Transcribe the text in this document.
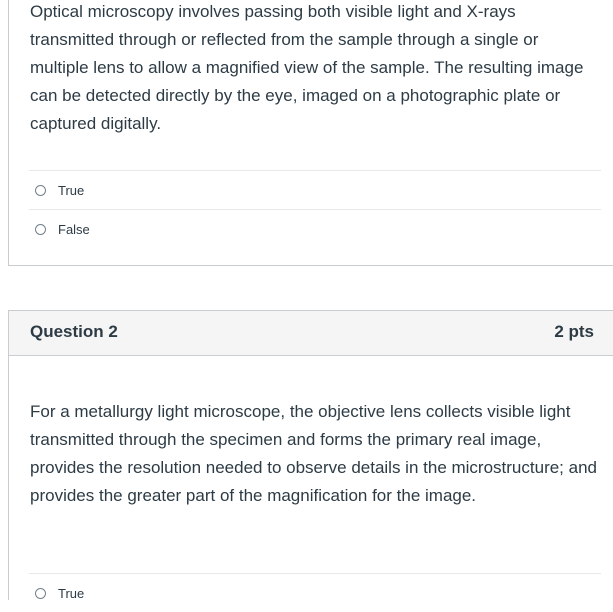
Optical microscopy involves passing both visible light and X-rays transmitted through or reflected from the sample through a single or multiple lens to allow a magnified view of the sample. The resulting image can be detected directly by the eye, imaged on a photographic plate or captured digitally.
True
False
Question 2	2 pts
For a metallurgy light microscope, the objective lens collects visible light transmitted through the specimen and forms the primary real image, provides the resolution needed to observe details in the microstructure; and provides the greater part of the magnification for the image.
True
